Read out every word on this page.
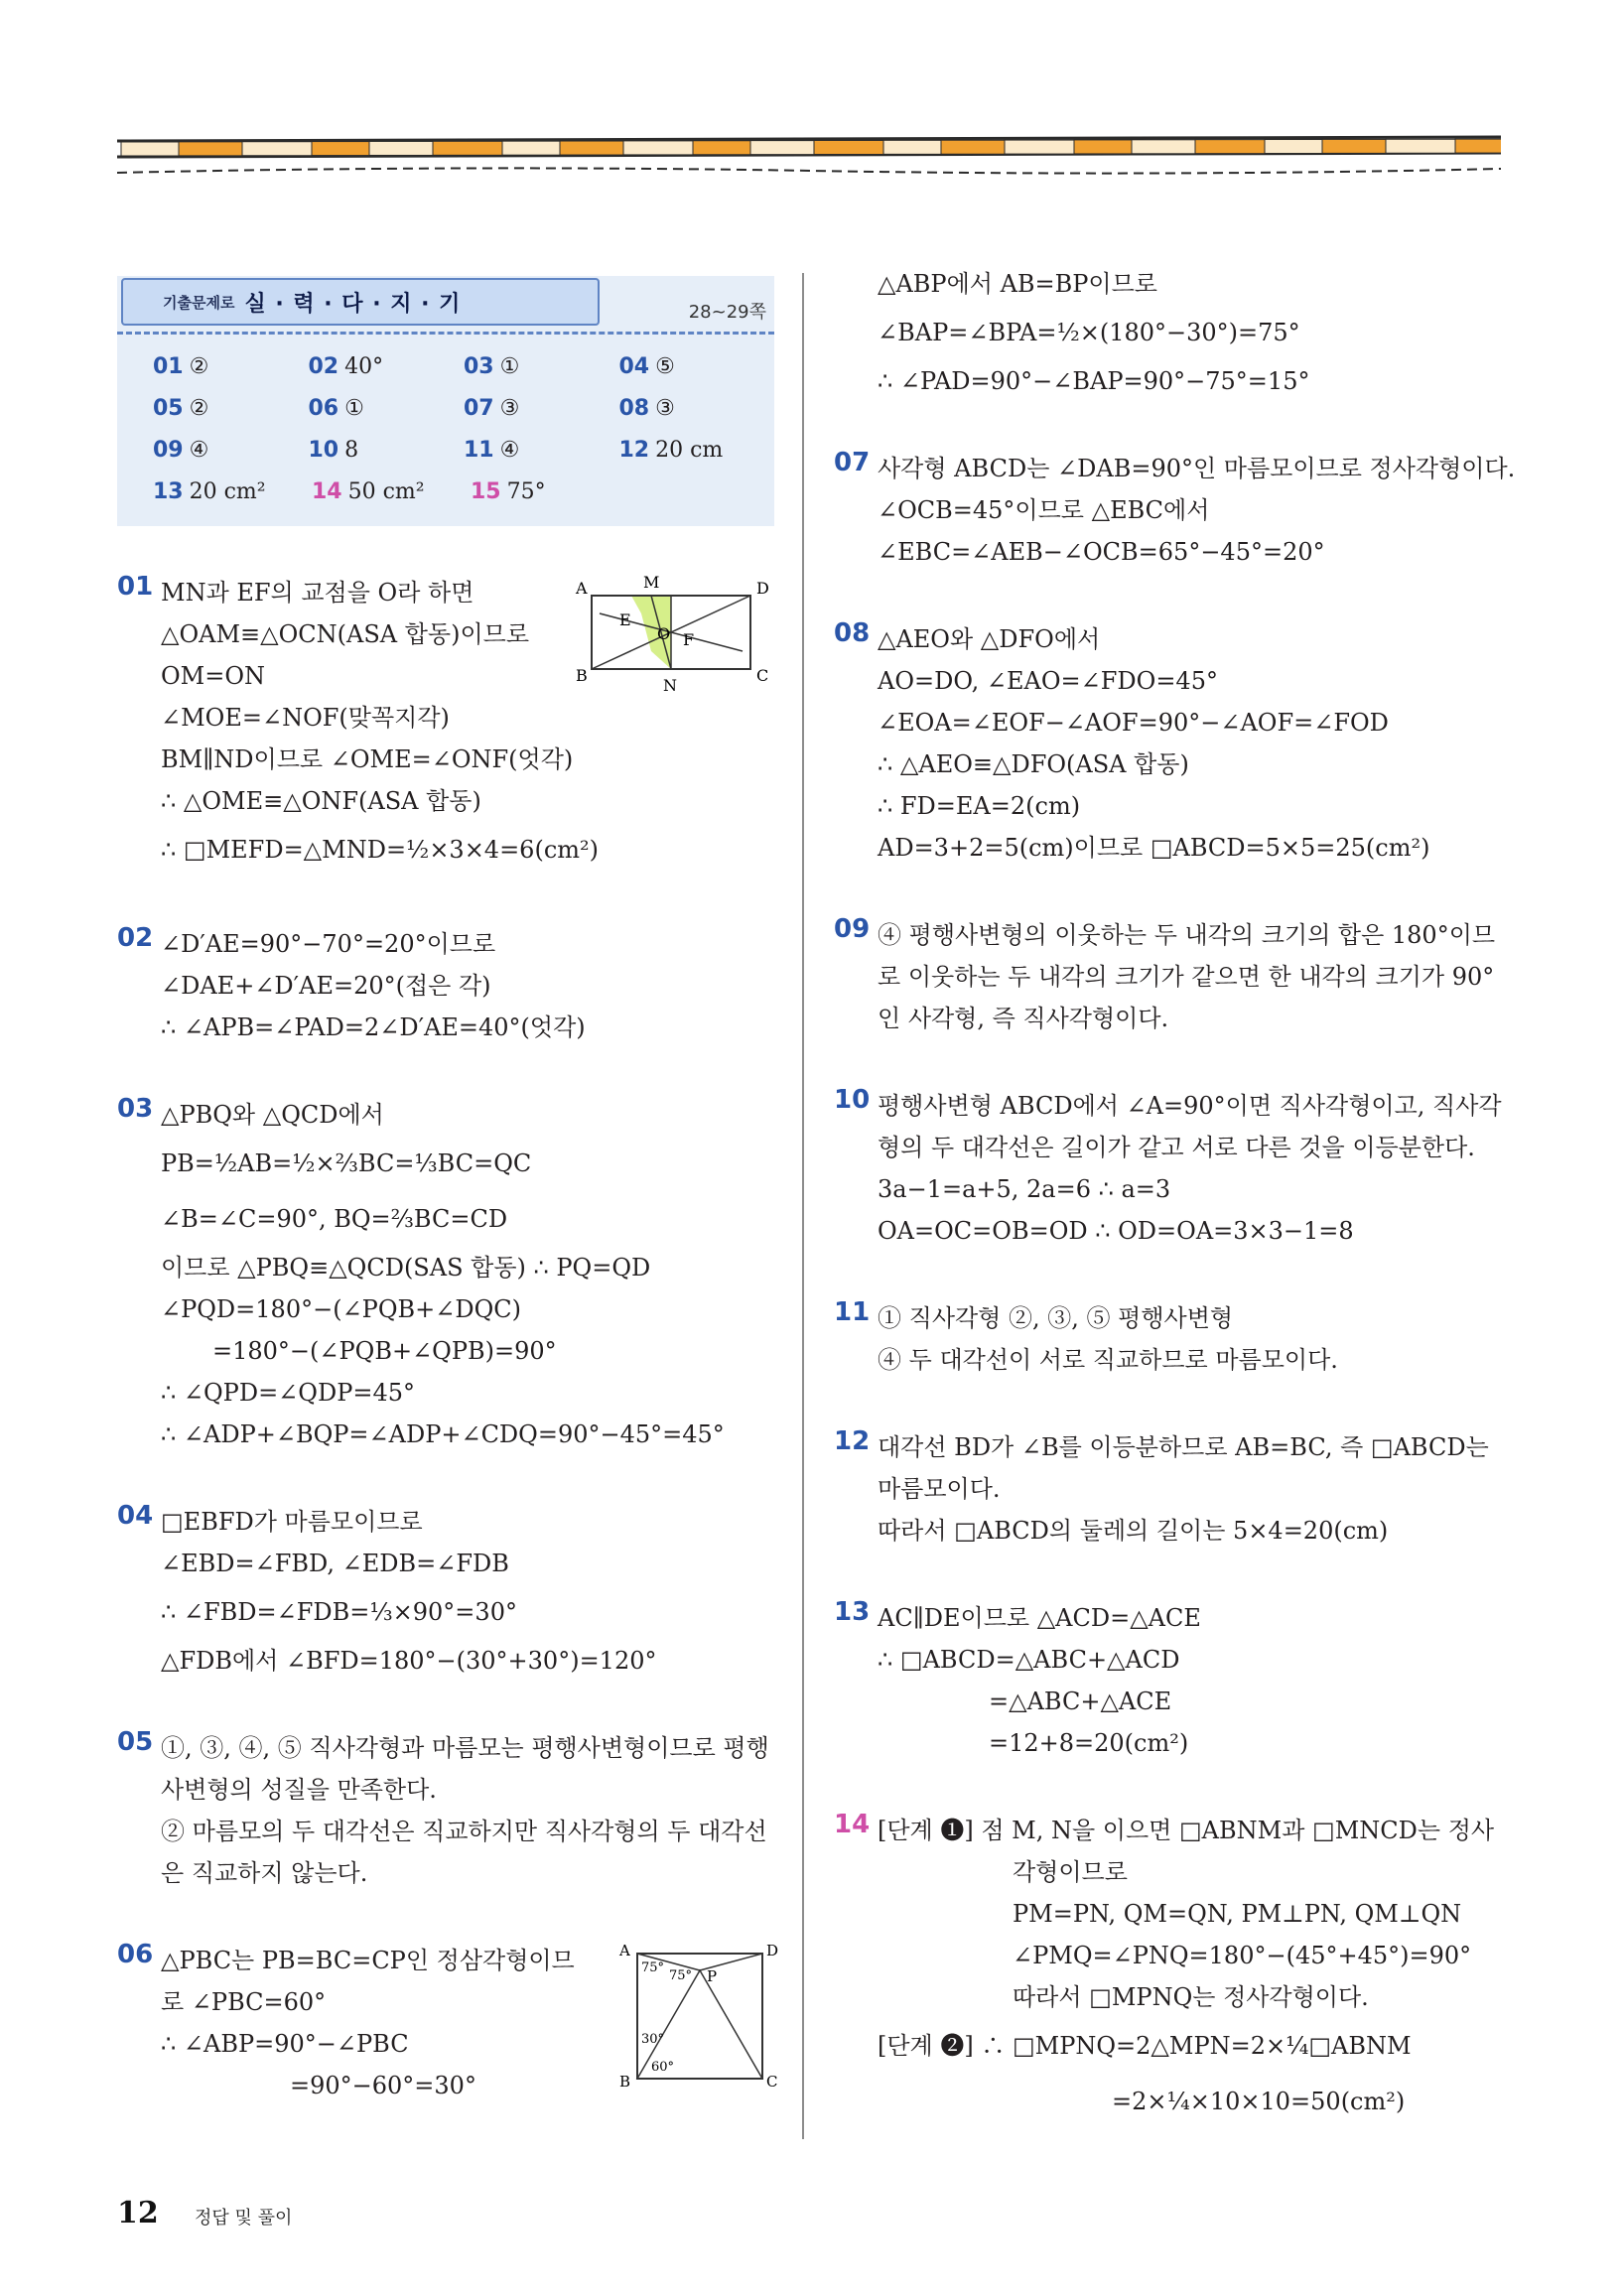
기출문제로 실 · 력 · 다 · 지 · 기	28~29쪽
01 ②	02 40°	03 ①	04 ⑤
05 ②	06 ①	07 ③	08 ③
09 ④	10 8	11 ④	12 20 cm
13 20 cm²	14 50 cm²	15 75°
01 MN과 EF의 교점을 O라 하면
△OAM≡△OCN(ASA 합동)이므로
OM=ON
∠MOE=∠NOF(맞꼭지각)
BM∥ND이므로 ∠OME=∠ONF(엇각)
∴ △OME≡△ONF(ASA 합동)
∴ □MEFD=△MND=½×3×4=6(cm²)
A	M	D
E
O F
B
N
C
02 ∠D′AE=90°−70°=20°이므로
∠DAE+∠D′AE=20°(접은 각)
∴ ∠APB=∠PAD=2∠D′AE=40°(엇각)
03 △PBQ와 △QCD에서
PB=½AB=½×⅔BC=⅓BC=QC
∠B=∠C=90°, BQ=⅔BC=CD
이므로 △PBQ≡△QCD(SAS 합동) ∴ PQ=QD
∠PQD=180°−(∠PQB+∠DQC)
=180°−(∠PQB+∠QPB)=90°
∴ ∠QPD=∠QDP=45°
∴ ∠ADP+∠BQP=∠ADP+∠CDQ=90°−45°=45°
04 □EBFD가 마름모이므로
∠EBD=∠FBD, ∠EDB=∠FDB
∴ ∠FBD=∠FDB=⅓×90°=30°
△FDB에서 ∠BFD=180°−(30°+30°)=120°
05 ①, ③, ④, ⑤ 직사각형과 마름모는 평행사변형이므로 평행사변형의 성질을 만족한다.
② 마름모의 두 대각선은 직교하지만 직사각형의 두 대각선은 직교하지 않는다.
06 △PBC는 PB=BC=CP인 정삼각형이므
로 ∠PBC=60°
∴ ∠ABP=90°−∠PBC
=90°−60°=30°
A	D
P
B	C
75°
75°
30°
60°
△ABP에서 AB=BP이므로
∠BAP=∠BPA=½×(180°−30°)=75°
∴ ∠PAD=90°−∠BAP=90°−75°=15°
07 사각형 ABCD는 ∠DAB=90°인 마름모이므로 정사각형이다.
∠OCB=45°이므로 △EBC에서
∠EBC=∠AEB−∠OCB=65°−45°=20°
08 △AEO와 △DFO에서
AO=DO, ∠EAO=∠FDO=45°
∠EOA=∠EOF−∠AOF=90°−∠AOF=∠FOD
∴ △AEO≡△DFO(ASA 합동)
∴ FD=EA=2(cm)
AD=3+2=5(cm)이므로 □ABCD=5×5=25(cm²)
09 ④ 평행사변형의 이웃하는 두 내각의 크기의 합은 180°이므로 이웃하는 두 내각의 크기가 같으면 한 내각의 크기가 90°인 사각형, 즉 직사각형이다.
10 평행사변형 ABCD에서 ∠A=90°이면 직사각형이고, 직사각형의 두 대각선은 길이가 같고 서로 다른 것을 이등분한다.
3a−1=a+5, 2a=6 ∴ a=3
OA=OC=OB=OD ∴ OD=OA=3×3−1=8
11 ① 직사각형 ②, ③, ⑤ 평행사변형
④ 두 대각선이 서로 직교하므로 마름모이다.
12 대각선 BD가 ∠B를 이등분하므로 AB=BC, 즉 □ABCD는 마름모이다.
따라서 □ABCD의 둘레의 길이는 5×4=20(cm)
13 AC∥DE이므로 △ACD=△ACE
∴ □ABCD=△ABC+△ACD
=△ABC+△ACE
=12+8=20(cm²)
14 [단계 ❶] 점 M, N을 이으면 □ABNM과 □MNCD는 정사
각형이므로
PM=PN, QM=QN, PM⊥PN, QM⊥QN
∠PMQ=∠PNQ=180°−(45°+45°)=90°
따라서 □MPNQ는 정사각형이다.
[단계 ❷] ∴ □MPNQ=2△MPN=2×¼□ABNM
=2×¼×10×10=50(cm²)
12 정답 및 풀이
